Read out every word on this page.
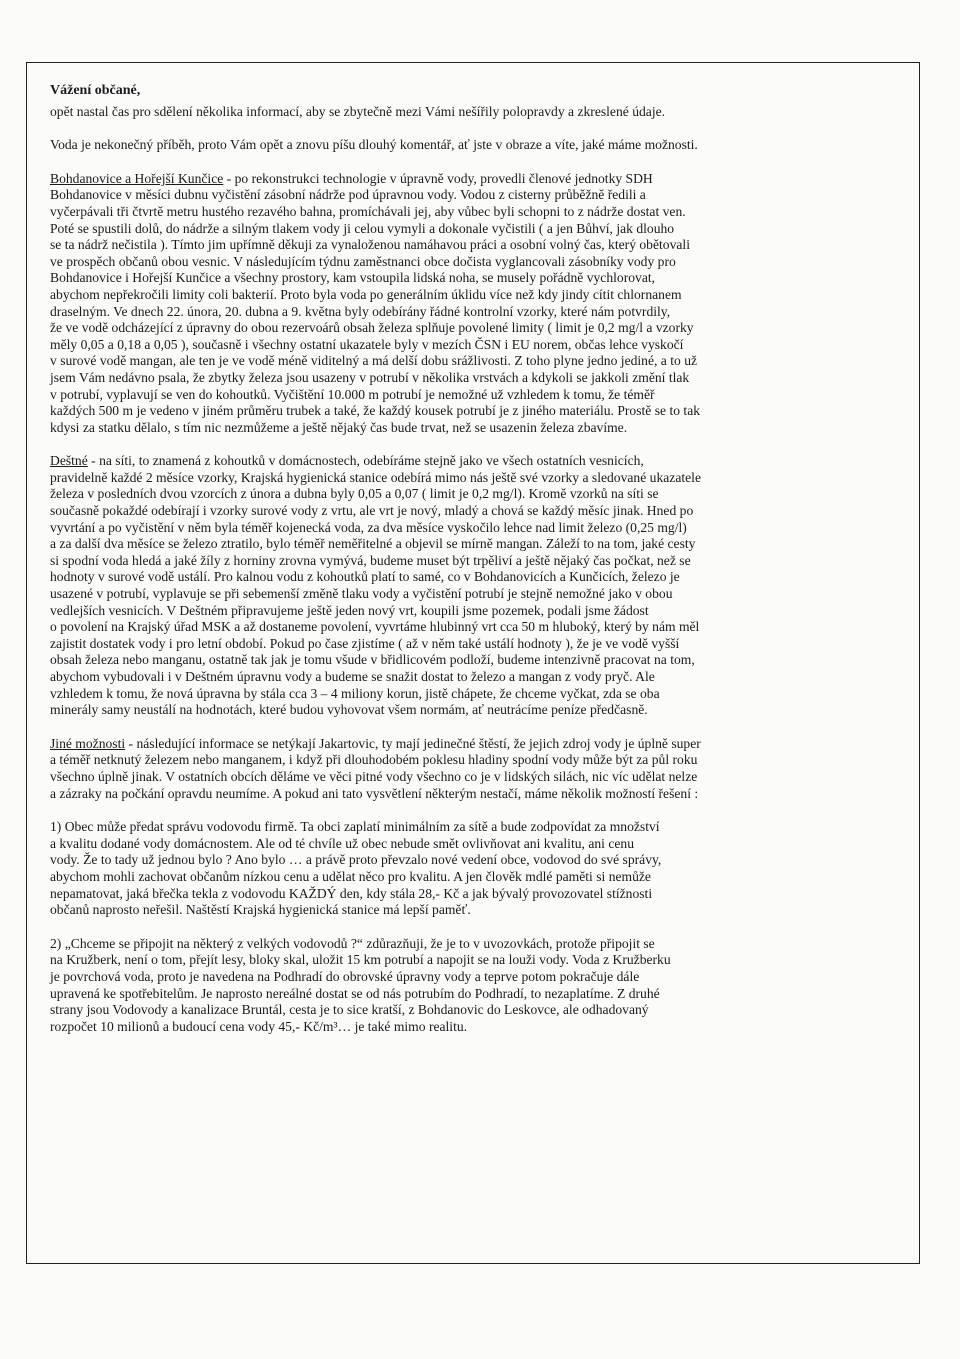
Vážení občané,

opět nastal čas pro sdělení několika informací, aby se zbytečně mezi Vámi nešířily polopravdy a zkreslené údaje.

Voda je nekonečný příběh, proto Vám opět a znovu píšu dlouhý komentář, ať jste v obraze a víte, jaké máme možnosti.

Bohdanovice a Hořejší Kunčice - po rekonstrukci technologie v úpravně vody, provedli členové jednotky SDH
Bohdanovice v měsíci dubnu vyčistění zásobní nádrže pod úpravnou vody. Vodou z cisterny průběžně ředili a
vyčerpávali tři čtvrtě metru hustého rezavého bahna, promíchávali jej, aby vůbec byli schopni to z nádrže dostat ven.
Poté se spustili dolů, do nádrže a silným tlakem vody ji celou vymyli a dokonale vyčistili ( a jen Bůhví, jak dlouho
se ta nádrž nečistila ). Tímto jim upřímně děkuji za vynaloženou namáhavou práci a osobní volný čas, který obětovali
ve prospěch občanů obou vesnic. V následujícím týdnu zaměstnanci obce dočista vyglancovali zásobníky vody pro
Bohdanovice i Hořejší Kunčice a všechny prostory, kam vstoupila lidská noha, se musely pořádně vychlorovat,
abychom nepřekročili limity coli bakterií. Proto byla voda po generálním úklidu více než kdy jindy cítit chlornanem
draselným. Ve dnech 22. února, 20. dubna a 9. května byly odebírány řádné kontrolní vzorky, které nám potvrdily,
že ve vodě odcházející z úpravny do obou rezervoárů obsah železa splňuje povolené limity ( limit je 0,2 mg/l a vzorky
měly 0,05 a 0,18 a 0,05 ), současně i všechny ostatní ukazatele byly v mezích ČSN i EU norem, občas lehce vyskočí
v surové vodě mangan, ale ten je ve vodě méně viditelný a má delší dobu srážlivosti. Z toho plyne jedno jediné, a to už
jsem Vám nedávno psala, že zbytky železa jsou usazeny v potrubí v několika vrstvách a kdykoli se jakkoli změní tlak
v potrubí, vyplavují se ven do kohoutků. Vyčištění 10.000 m potrubí je nemožné už vzhledem k tomu, že téměř
každých 500 m je vedeno v jiném průměru trubek a také, že každý kousek potrubí je z jiného materiálu. Prostě se to tak
kdysi za statku dělalo, s tím nic nezmůžeme a ještě nějaký čas bude trvat, než se usazenin železa zbavíme.
Deštné - na síti, to znamená z kohoutků v domácnostech, odebíráme stejně jako ve všech ostatních vesnicích,
pravidelně každé 2 měsíce vzorky, Krajská hygienická stanice odebírá mimo nás ještě své vzorky a sledované ukazatele
železa v posledních dvou vzorcích z února a dubna byly 0,05 a 0,07 ( limit je 0,2 mg/l). Kromě vzorků na síti se
současně pokaždé odebírají i vzorky surové vody z vrtu, ale vrt je nový, mladý a chová se každý měsíc jinak. Hned po
vyvrtání a po vyčistění v něm byla téměř kojenecká voda, za dva měsíce vyskočilo lehce nad limit železo (0,25 mg/l)
a za další dva měsíce se železo ztratilo, bylo téměř neměřitelné a objevil se mírně mangan. Záleží to na tom, jaké cesty
si spodní voda hledá a jaké žíly z horniny zrovna vymývá, budeme muset být trpěliví a ještě nějaký čas počkat, než se
hodnoty v surové vodě ustálí. Pro kalnou vodu z kohoutků platí to samé, co v Bohdanovicích a Kunčicích, železo je
usazené v potrubí, vyplavuje se při sebemenší změně tlaku vody a vyčistění potrubí je stejně nemožné jako v obou
vedlejších vesnicích. V Deštném připravujeme ještě jeden nový vrt, koupili jsme pozemek, podali jsme žádost
o povolení na Krajský úřad MSK a až dostaneme povolení, vyvrtáme hlubinný vrt cca 50 m hluboký, který by nám měl
zajistit dostatek vody i pro letní období. Pokud po čase zjistíme ( až v něm také ustálí hodnoty ), že je ve vodě vyšší
obsah železa nebo manganu, ostatně tak jak je tomu všude v břidlicovém podloží, budeme intenzivně pracovat na tom,
abychom vybudovali i v Deštném úpravnu vody a budeme se snažit dostat to železo a mangan z vody pryč. Ale
vzhledem k tomu, že nová úpravna by stála cca 3 – 4 miliony korun, jistě chápete, že chceme vyčkat, zda se oba
minerály samy neustálí na hodnotách, které budou vyhovovat všem normám, ať neutrácíme peníze předčasně.
Jiné možnosti - následující informace se netýkají Jakartovic, ty mají jedinečné štěstí, že jejich zdroj vody je úplně super
a téměř netknutý železem nebo manganem, i když při dlouhodobém poklesu hladiny spodní vody může být za půl roku
všechno úplně jinak. V ostatních obcích děláme ve věci pitné vody všechno co je v lidských silách, nic víc udělat nelze
a zázraky na počkání opravdu neumíme. A pokud ani tato vysvětlení některým nestačí, máme několik možností řešení :
1) Obec může předat správu vodovodu firmě. Ta obci zaplatí minimálním za sítě a bude zodpovídat za množství
a kvalitu dodané vody domácnostem. Ale od té chvíle už obec nebude smět ovlivňovat ani kvalitu, ani cenu
vody. Že to tady už jednou bylo ? Ano bylo … a právě proto převzalo nové vedení obce, vodovod do své správy,
abychom mohli zachovat občanům nízkou cenu a udělat něco pro kvalitu. A jen člověk mdlé paměti si nemůže
nepamatovat, jaká břečka tekla z vodovodu KAŽDÝ den, kdy stála 28,- Kč a jak bývalý provozovatel stížnosti
občanů naprosto neřešil. Naštěstí Krajská hygienická stanice má lepší paměť.
2) „Chceme se připojit na některý z velkých vodovodů ?“ zdůrazňuji, že je to v uvozovkách, protože připojit se
na Kružberk, není o tom, přejít lesy, bloky skal, uložit 15 km potrubí a napojit se na louži vody. Voda z Kružberku
je povrchová voda, proto je navedena na Podhradí do obrovské úpravny vody a teprve potom pokračuje dále
upravená ke spotřebitelům. Je naprosto nereálné dostat se od nás potrubím do Podhradí, to nezaplatíme. Z druhé
strany jsou Vodovody a kanalizace Bruntál, cesta je to sice kratší, z Bohdanovic do Leskovce, ale odhadovaný
rozpočet 10 milionů a budoucí cena vody 45,- Kč/m³… je také mimo realitu.
